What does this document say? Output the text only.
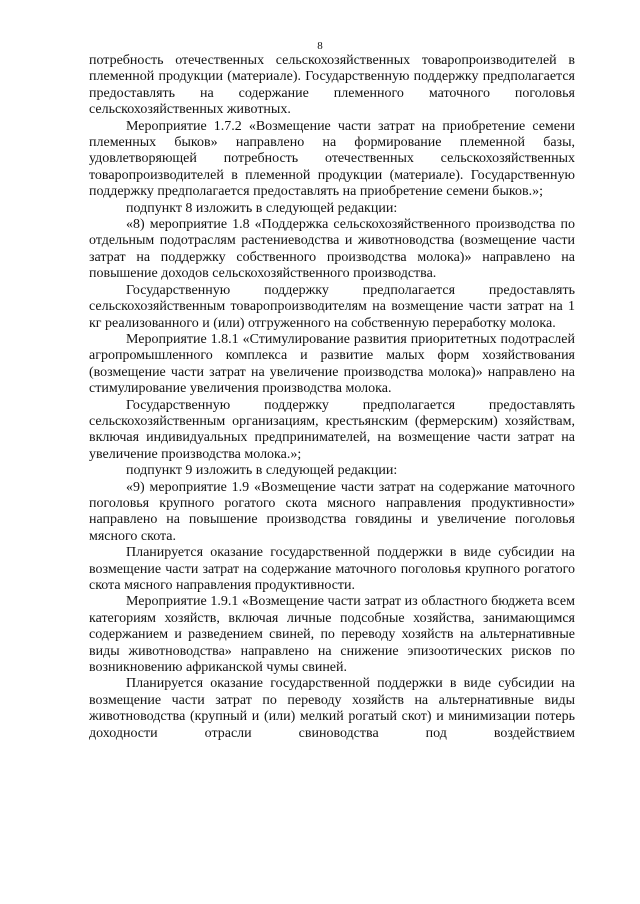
8

потребность отечественных сельскохозяйственных товаропроизводителей в племенной продукции (материале). Государственную поддержку предполагается предоставлять на содержание племенного маточного поголовья сельскохозяйственных животных.

Мероприятие 1.7.2 «Возмещение части затрат на приобретение семени племенных быков» направлено на формирование племенной базы, удовлетворяющей потребность отечественных сельскохозяйственных товаропроизводителей в племенной продукции (материале). Государственную поддержку предполагается предоставлять на приобретение семени быков.»;

подпункт 8 изложить в следующей редакции:

«8) мероприятие 1.8 «Поддержка сельскохозяйственного производства по отдельным подотраслям растениеводства и животноводства (возмещение части затрат на поддержку собственного производства молока)» направлено на повышение доходов сельскохозяйственного производства.

Государственную поддержку предполагается предоставлять сельскохозяйственным товаропроизводителям на возмещение части затрат на 1 кг реализованного и (или) отгруженного на собственную переработку молока.

Мероприятие 1.8.1 «Стимулирование развития приоритетных подотраслей агропромышленного комплекса и развитие малых форм хозяйствования (возмещение части затрат на увеличение производства молока)» направлено на стимулирование увеличения производства молока.

Государственную поддержку предполагается предоставлять сельскохозяйственным организациям, крестьянским (фермерским) хозяйствам, включая индивидуальных предпринимателей, на возмещение части затрат на увеличение производства молока.»;

подпункт 9 изложить в следующей редакции:

«9) мероприятие 1.9 «Возмещение части затрат на содержание маточного поголовья крупного рогатого скота мясного направления продуктивности» направлено на повышение производства говядины и увеличение поголовья мясного скота.

Планируется оказание государственной поддержки в виде субсидии на возмещение части затрат на содержание маточного поголовья крупного рогатого скота мясного направления продуктивности.

Мероприятие 1.9.1 «Возмещение части затрат из областного бюджета всем категориям хозяйств, включая личные подсобные хозяйства, занимающимся содержанием и разведением свиней, по переводу хозяйств на альтернативные виды животноводства» направлено на снижение эпизоотических рисков по возникновению африканской чумы свиней.

Планируется оказание государственной поддержки в виде субсидии на возмещение части затрат по переводу хозяйств на альтернативные виды животноводства (крупный и (или) мелкий рогатый скот) и минимизации потерь доходности отрасли свиноводства под воздействием
